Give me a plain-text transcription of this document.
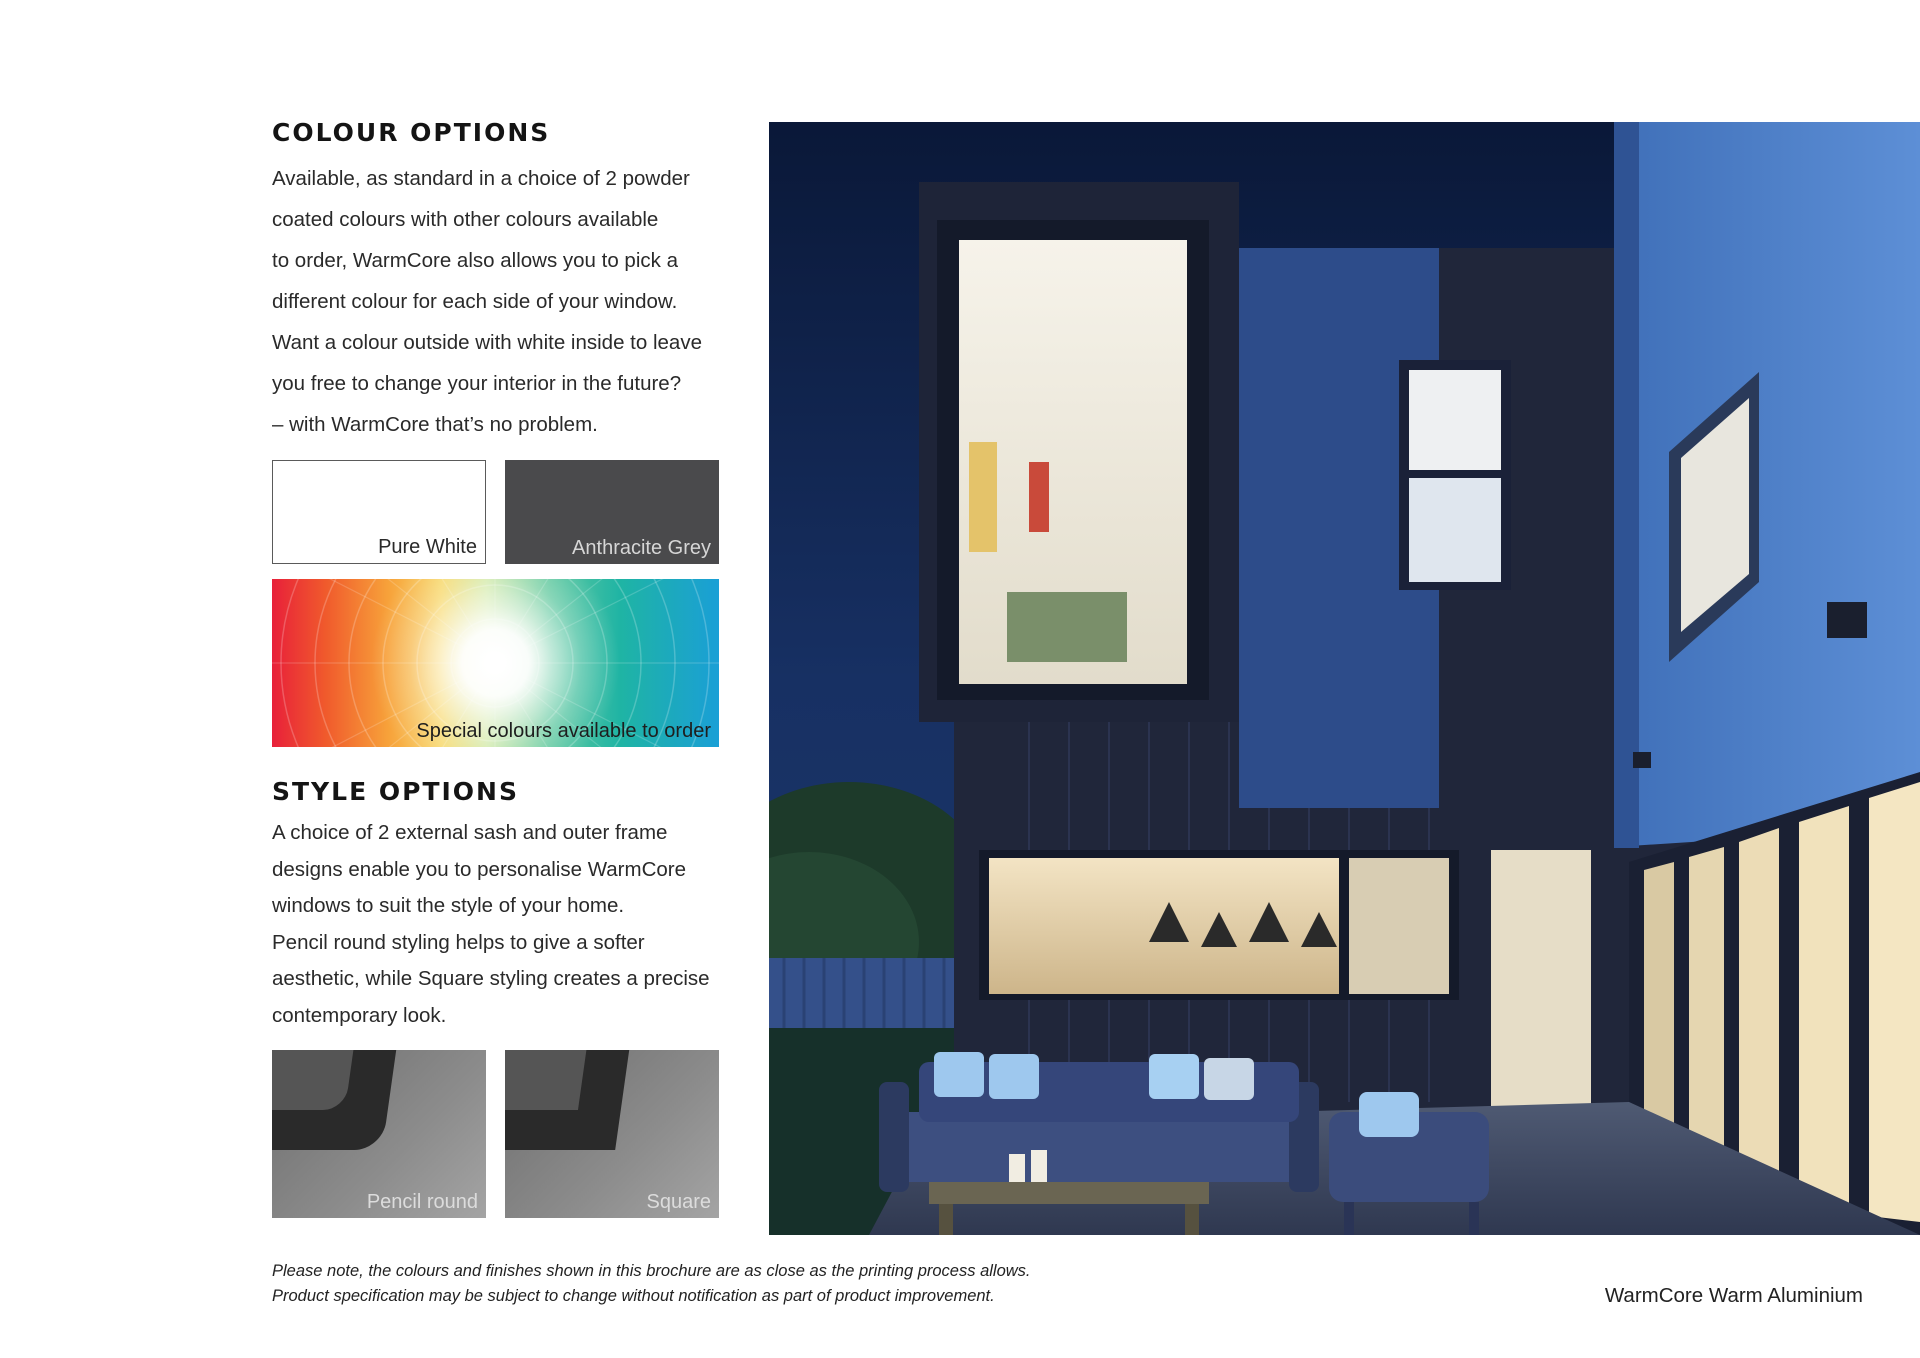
COLOUR OPTIONS

Available, as standard in a choice of 2 powder
coated colours with other colours available
to order, WarmCore also allows you to pick a
different colour for each side of your window.
Want a colour outside with white inside to leave
you free to change your interior in the future?
– with WarmCore that’s no problem.

Pure White	Anthracite Grey
Special colours available to order
STYLE OPTIONS

A choice of 2 external sash and outer frame
designs enable you to personalise WarmCore
windows to suit the style of your home.
Pencil round styling helps to give a softer
aesthetic, while Square styling creates a precise
contemporary look.

Pencil round	Square

Please note, the colours and finishes shown in this brochure are as close as the printing process allows.
Product specification may be subject to change without notification as part of product improvement.	WarmCore Warm Aluminium
